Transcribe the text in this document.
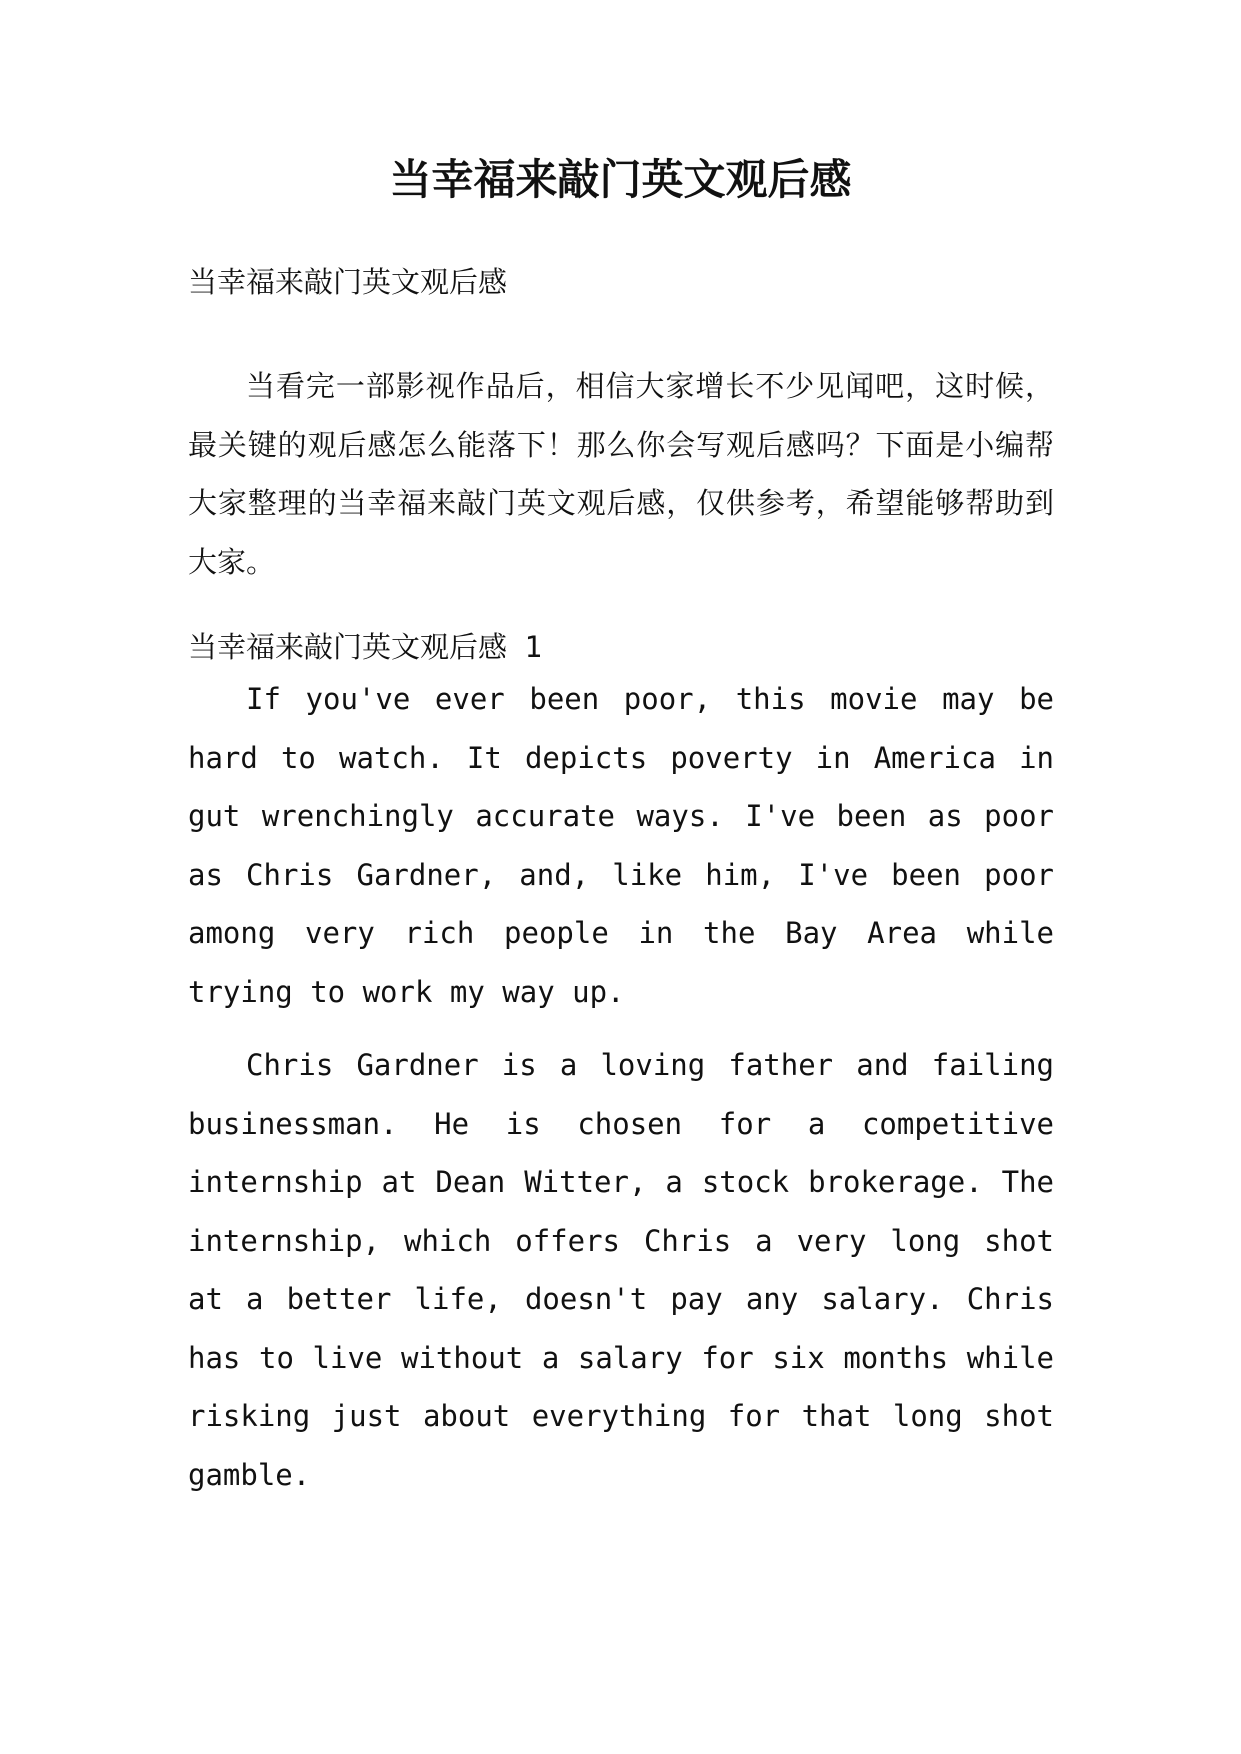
当幸福来敲门英文观后感

当幸福来敲门英文观后感

当看完一部影视作品后，相信大家增长不少见闻吧，这时候，最关键的观后感怎么能落下！那么你会写观后感吗？下面是小编帮大家整理的当幸福来敲门英文观后感，仅供参考，希望能够帮助到大家。

当幸福来敲门英文观后感 1

If you've ever been poor, this movie may be hard to watch. It depicts poverty in America in gut wrenchingly accurate ways. I've been as poor as Chris Gardner, and, like him, I've been poor among very rich people in the Bay Area while trying to work my way up.

Chris Gardner is a loving father and failing businessman. He is chosen for a competitive internship at Dean Witter, a stock brokerage. The internship, which offers Chris a very long shot at a better life, doesn't pay any salary. Chris has to live without a salary for six months while risking just about everything for that long shot gamble.
